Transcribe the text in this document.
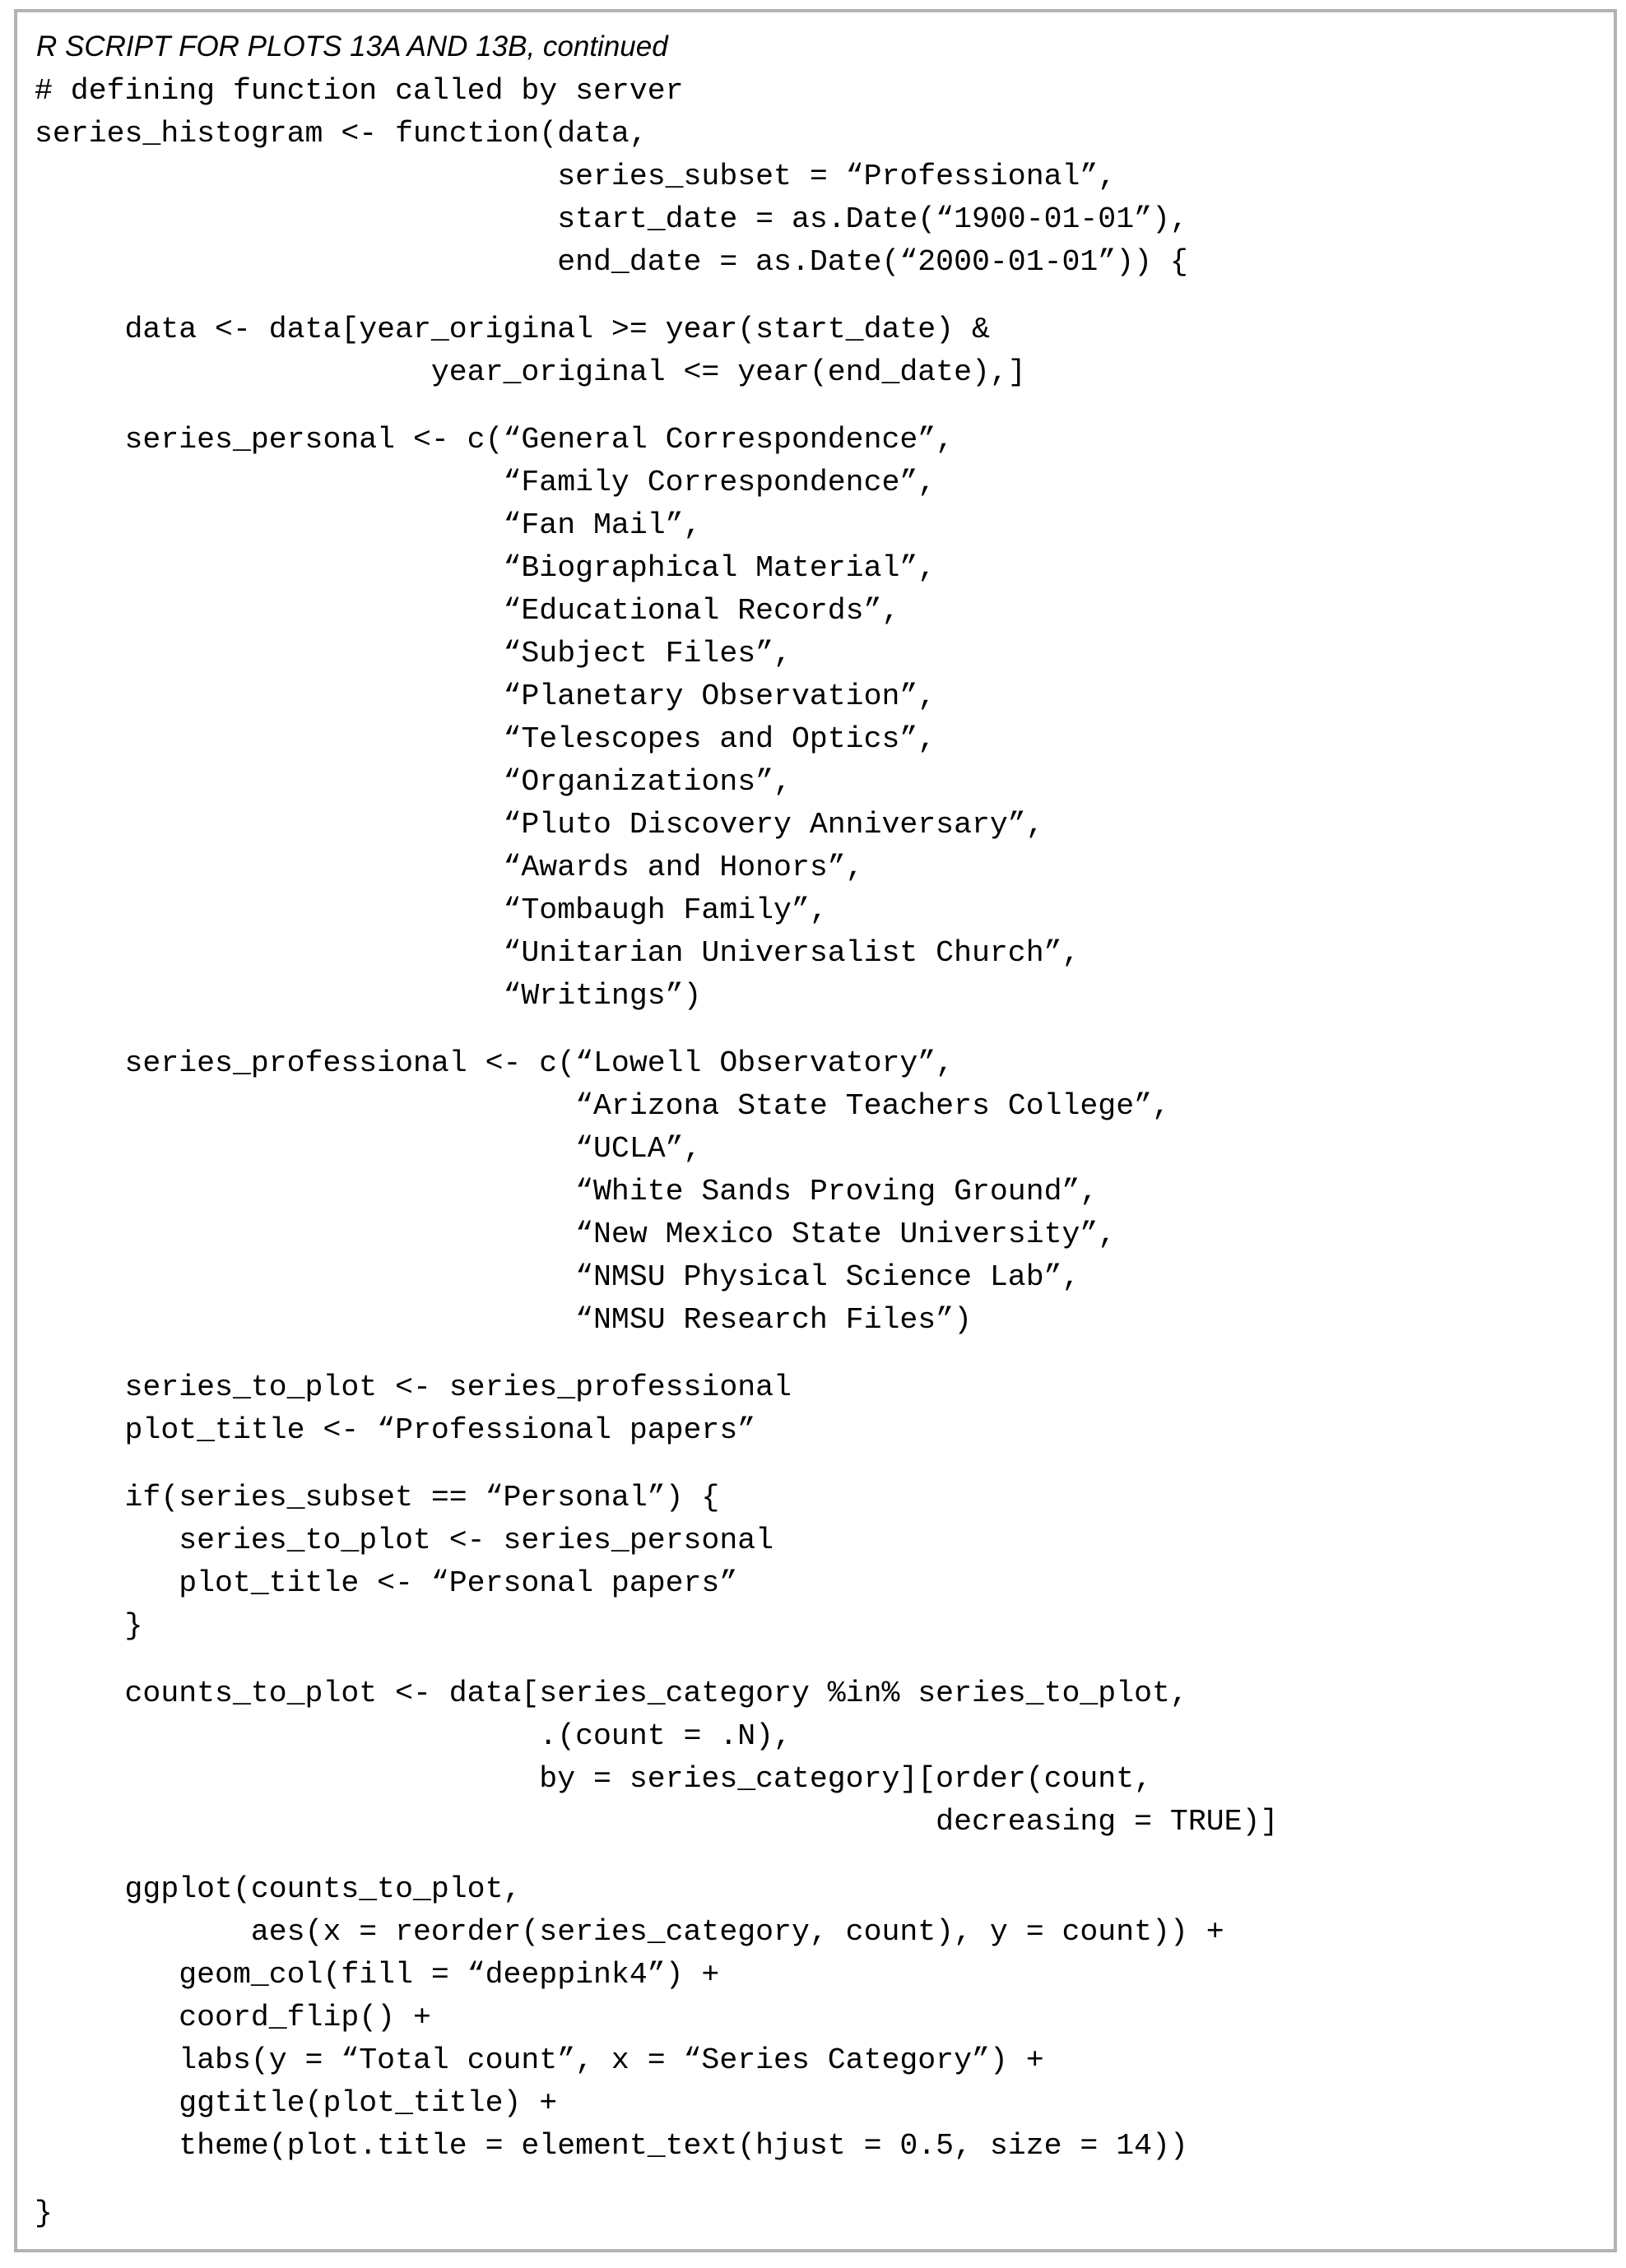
R SCRIPT FOR PLOTS 13A AND 13B, continued
# defining function called by server
series_histogram <- function(data,
series_subset = “Professional”,
start_date = as.Date(“1900-01-01”),
end_date = as.Date(“2000-01-01”)) {

data <- data[year_original >= year(start_date) &
year_original <= year(end_date),]

series_personal <- c(“General Correspondence”,
“Family Correspondence”,
“Fan Mail”,
“Biographical Material”,
“Educational Records”,
“Subject Files”,
“Planetary Observation”,
“Telescopes and Optics”,
“Organizations”,
“Pluto Discovery Anniversary”,
“Awards and Honors”,
“Tombaugh Family”,
“Unitarian Universalist Church”,
“Writings”)

series_professional <- c(“Lowell Observatory”,
“Arizona State Teachers College”,
“UCLA”,
“White Sands Proving Ground”,
“New Mexico State University”,
“NMSU Physical Science Lab”,
“NMSU Research Files”)

series_to_plot <- series_professional
plot_title <- “Professional papers”

if(series_subset == “Personal”) {
series_to_plot <- series_personal
plot_title <- “Personal papers”
}

counts_to_plot <- data[series_category %in% series_to_plot,
.(count = .N),
by = series_category][order(count,
decreasing = TRUE)]

ggplot(counts_to_plot,
aes(x = reorder(series_category, count), y = count)) +
geom_col(fill = “deeppink4”) +
coord_flip() +
labs(y = “Total count”, x = “Series Category”) +
ggtitle(plot_title) +
theme(plot.title = element_text(hjust = 0.5, size = 14))

}
